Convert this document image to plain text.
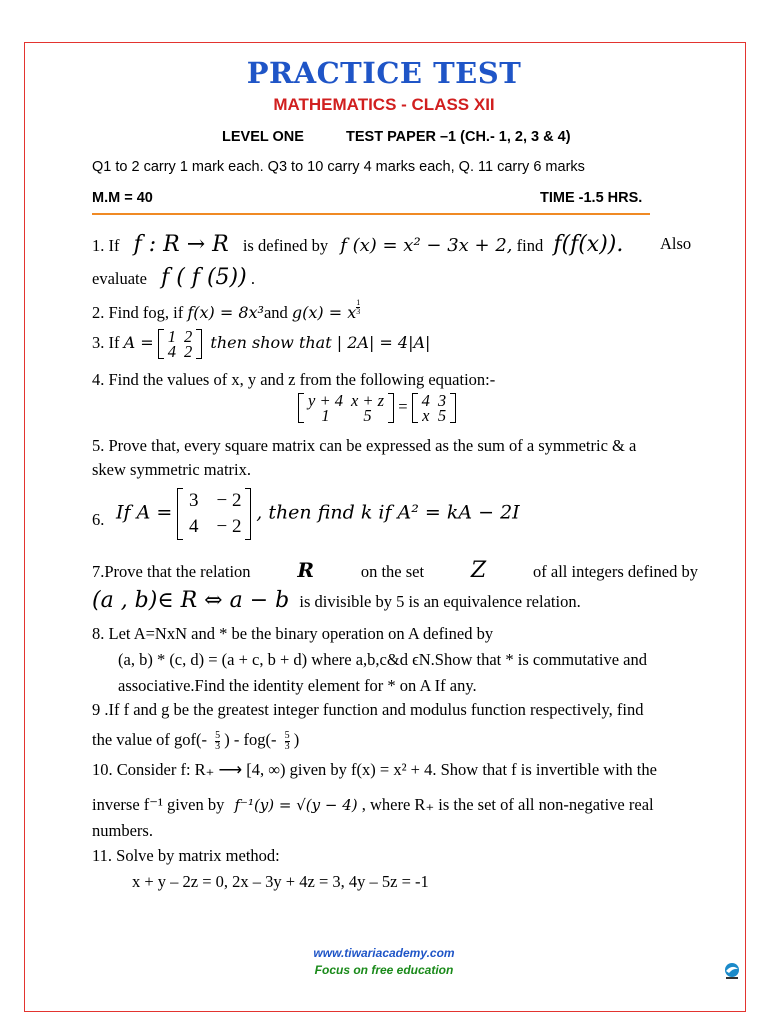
PRACTICE TEST
MATHEMATICS - CLASS XII
LEVEL ONE	TEST PAPER –1 (CH.- 1, 2, 3 & 4)
Q1 to 2 carry 1 mark each. Q3 to 10 carry 4 marks each, Q. 11 carry 6 marks
M.M = 40	TIME -1.5 HRS.
1. If f : R → R is defined by f (x) = x² − 3x + 2, find f(f(x)). Also
evaluate f ( f (5)) .
2. Find fog, if f(x) = 8x³and g(x) = x $\frac{1}{3}$
3. If A = 1	2
4	2 then show that | 2A| = 4|A|
4. Find the values of x, y and z from the following equation:-
y + 4	x + z
1	5 = 4	3
x	5
5. Prove that, every square matrix can be expressed as the sum of a symmetric & a
skew symmetric matrix.
6. If A =
3	− 2
4	− 2
, then find k if A² = kA − 2I
7.Prove that the relation R	on the set Z	of all integers defined by
(a , b)∈ R ⇔ a − b is divisible by 5 is an equivalence relation.
8. Let A=NxN and * be the binary operation on A defined by
(a, b) * (c, d) = (a + c, b + d) where a,b,c&d ϵN.Show that * is commutative and
associative.Find the identity element for * on A If any.
9 .If f and g be the greatest integer function and modulus function respectively, find
the value of $gof(- \frac{5}{3}$ ) - $fog(- \frac{5}{3}$ )
10. Consider f: R₊ ⟶ [4, ∞) given by f(x) = x² + 4. Show that f is invertible with the
inverse f⁻¹ given by f⁻¹(y) = √(y − 4) , where R₊ is the set of all non-negative real
numbers.
11. Solve by matrix method:
x + y – 2z = 0, 2x – 3y + 4z = 3, 4y – 5z = -1
www.tiwariacademy.com
Focus on free education
